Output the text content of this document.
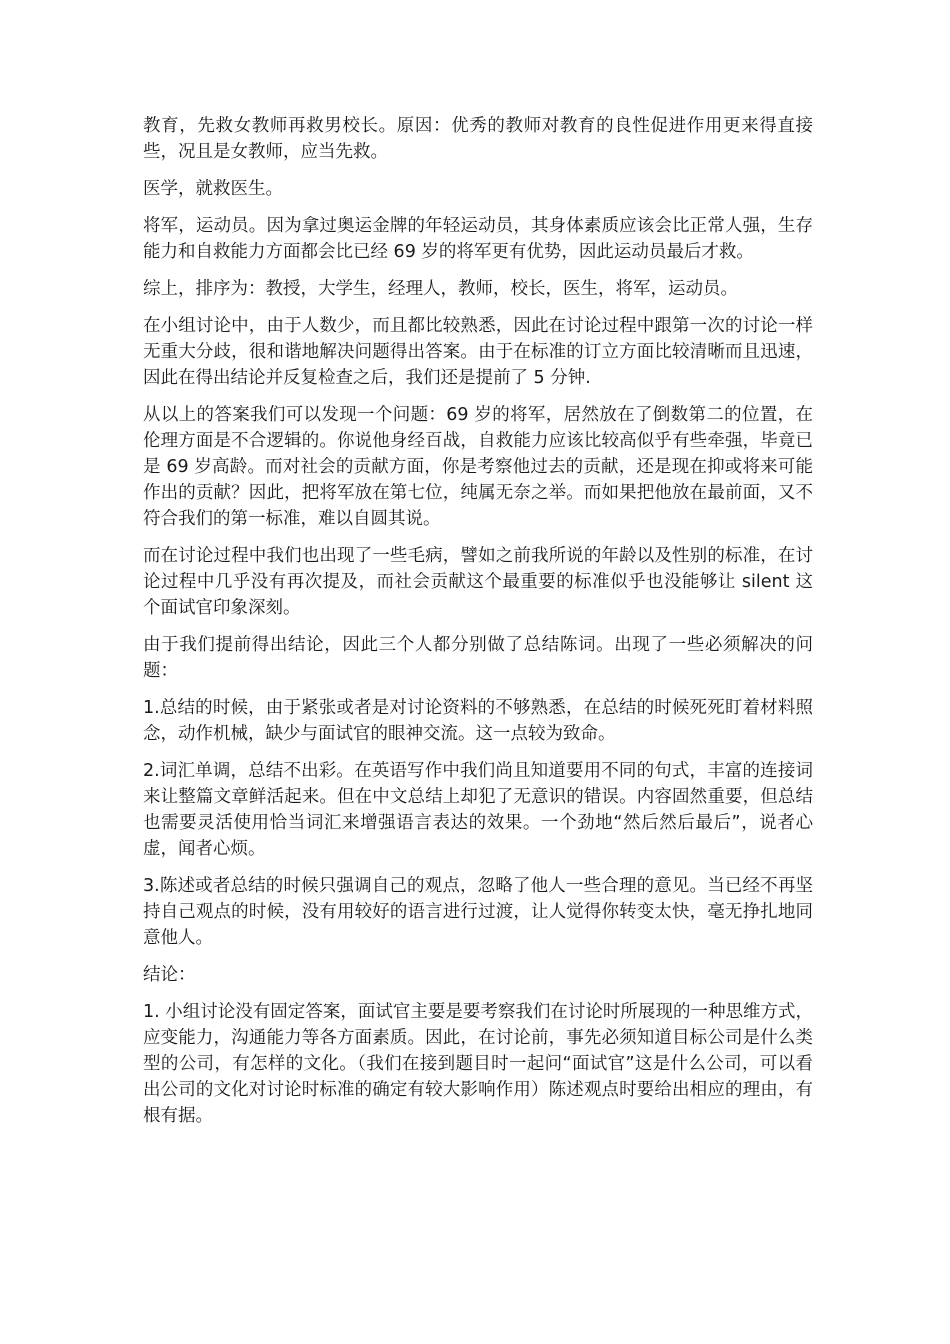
教育，先救女教师再救男校长。原因：优秀的教师对教育的良性促进作用更来得直接些，况且是女教师，应当先救。

医学，就救医生。

将军，运动员。因为拿过奥运金牌的年轻运动员，其身体素质应该会比正常人强，生存能力和自救能力方面都会比已经 69 岁的将军更有优势，因此运动员最后才救。

综上，排序为：教授，大学生，经理人，教师，校长，医生，将军，运动员。

在小组讨论中，由于人数少，而且都比较熟悉，因此在讨论过程中跟第一次的讨论一样无重大分歧，很和谐地解决问题得出答案。由于在标准的订立方面比较清晰而且迅速，因此在得出结论并反复检查之后，我们还是提前了 5 分钟.

从以上的答案我们可以发现一个问题：69 岁的将军，居然放在了倒数第二的位置，在伦理方面是不合逻辑的。你说他身经百战，自救能力应该比较高似乎有些牵强，毕竟已是 69 岁高龄。而对社会的贡献方面，你是考察他过去的贡献，还是现在抑或将来可能作出的贡献？因此，把将军放在第七位，纯属无奈之举。而如果把他放在最前面，又不符合我们的第一标准，难以自圆其说。

而在讨论过程中我们也出现了一些毛病，譬如之前我所说的年龄以及性别的标准，在讨论过程中几乎没有再次提及，而社会贡献这个最重要的标准似乎也没能够让 silent 这个面试官印象深刻。

由于我们提前得出结论，因此三个人都分别做了总结陈词。出现了一些必须解决的问题：

1.总结的时候，由于紧张或者是对讨论资料的不够熟悉，在总结的时候死死盯着材料照念，动作机械，缺少与面试官的眼神交流。这一点较为致命。

2.词汇单调，总结不出彩。在英语写作中我们尚且知道要用不同的句式，丰富的连接词来让整篇文章鲜活起来。但在中文总结上却犯了无意识的错误。内容固然重要，但总结也需要灵活使用恰当词汇来增强语言表达的效果。一个劲地“然后然后最后”，说者心虚，闻者心烦。

3.陈述或者总结的时候只强调自己的观点，忽略了他人一些合理的意见。当已经不再坚持自己观点的时候，没有用较好的语言进行过渡，让人觉得你转变太快，毫无挣扎地同意他人。

结论：

1. 小组讨论没有固定答案，面试官主要是要考察我们在讨论时所展现的一种思维方式，应变能力，沟通能力等各方面素质。因此，在讨论前，事先必须知道目标公司是什么类型的公司，有怎样的文化。（我们在接到题目时一起问“面试官”这是什么公司，可以看出公司的文化对讨论时标准的确定有较大影响作用）陈述观点时要给出相应的理由，有根有据。
